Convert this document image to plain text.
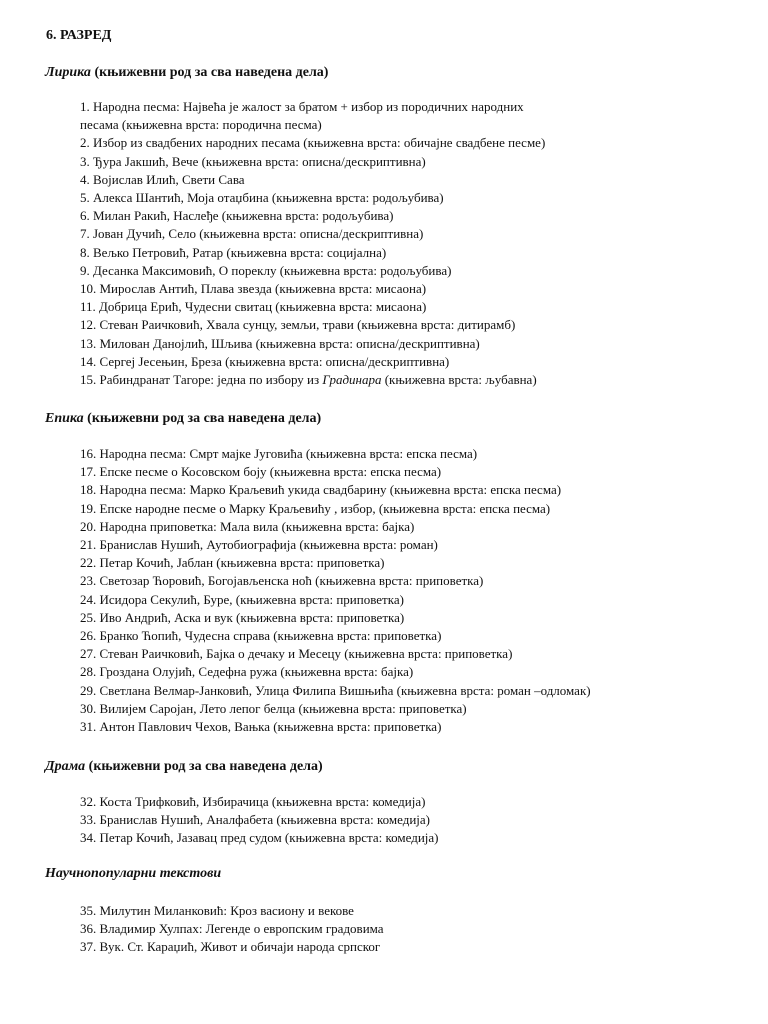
6. РАЗРЕД
Лирика (књижевни род за сва наведена дела)
1. Народна песма: Највећа је жалост за братом + избор из породичних народних
песама (књижевна врста: породична песма)
2. Избор из свадбених народних песама (књижевна врста: обичајне свадбене песме)
3. Ђура Јакшић, Вече (књижевна врста: описна/дескриптивна)
4. Војислав Илић, Свети Сава
5. Алекса Шантић, Моја отаџбина (књижевна врста: родољубива)
6. Милан Ракић, Наслеђе (књижевна врста: родољубива)
7. Јован Дучић, Село (књижевна врста: описна/дескриптивна)
8. Вељко Петровић, Ратар (књижевна врста: социјална)
9. Десанка Максимовић, О пореклу (књижевна врста: родољубива)
10. Мирослав Антић, Плава звезда (књижевна врста: мисаона)
11. Добрица Ерић, Чудесни свитац (књижевна врста: мисаона)
12. Стеван Раичковић, Хвала сунцу, земљи, трави (књижевна врста: дитирамб)
13. Милован Данојлић, Шљива (књижевна врста: описна/дескриптивна)
14. Сергеј Јесењин, Бреза (књижевна врста: описна/дескриптивна)
15. Рабиндранат Тагоре: једна по избору из Градинара (књижевна врста: љубавна)
Епика (књижевни род за сва наведена дела)
16. Народна песма: Смрт мајке Југовића (књижевна врста: епска песма)
17. Епске песме о Косовском боју (књижевна врста: епска песма)
18. Народна песма: Марко Краљевић укида свадбарину (књижевна врста: епска песма)
19. Епске народне песме о Марку Краљевићу , избор, (књижевна врста: епска песма)
20. Народна приповетка: Мала вила (књижевна врста: бајка)
21. Бранислав Нушић, Аутобиографија (књижевна врста: роман)
22. Петар Кочић, Јаблан (књижевна врста: приповетка)
23. Светозар Ћоровић, Богојављенска ноћ (књижевна врста: приповетка)
24. Исидора Секулић, Буре, (књижевна врста: приповетка)
25. Иво Андрић, Аска и вук (књижевна врста: приповетка)
26. Бранко Ћопић, Чудесна справа (књижевна врста: приповетка)
27. Стеван Раичковић, Бајка о дечаку и Месецу (књижевна врста: приповетка)
28. Гроздана Олујић, Седефна ружа (књижевна врста: бајка)
29. Светлана Велмар-Јанковић, Улица Филипа Вишњића (књижевна врста: роман –одломак)
30. Вилијем Саројан, Лето лепог белца (књижевна врста: приповетка)
31. Антон Павлович Чехов, Вањка (књижевна врста: приповетка)
Драма (књижевни род за сва наведена дела)
32. Коста Трифковић, Избирачица (књижевна врста: комедија)
33. Бранислав Нушић, Аналфабета (књижевна врста: комедија)
34. Петар Кочић, Јазавац пред судом (књижевна врста: комедија)
Научнопопуларни текстови
35. Милутин Миланковић: Кроз васиону и векове
36. Владимир Хулпах: Легенде о европским градовима
37. Вук. Ст. Караџић, Живот и обичаји народа српског
